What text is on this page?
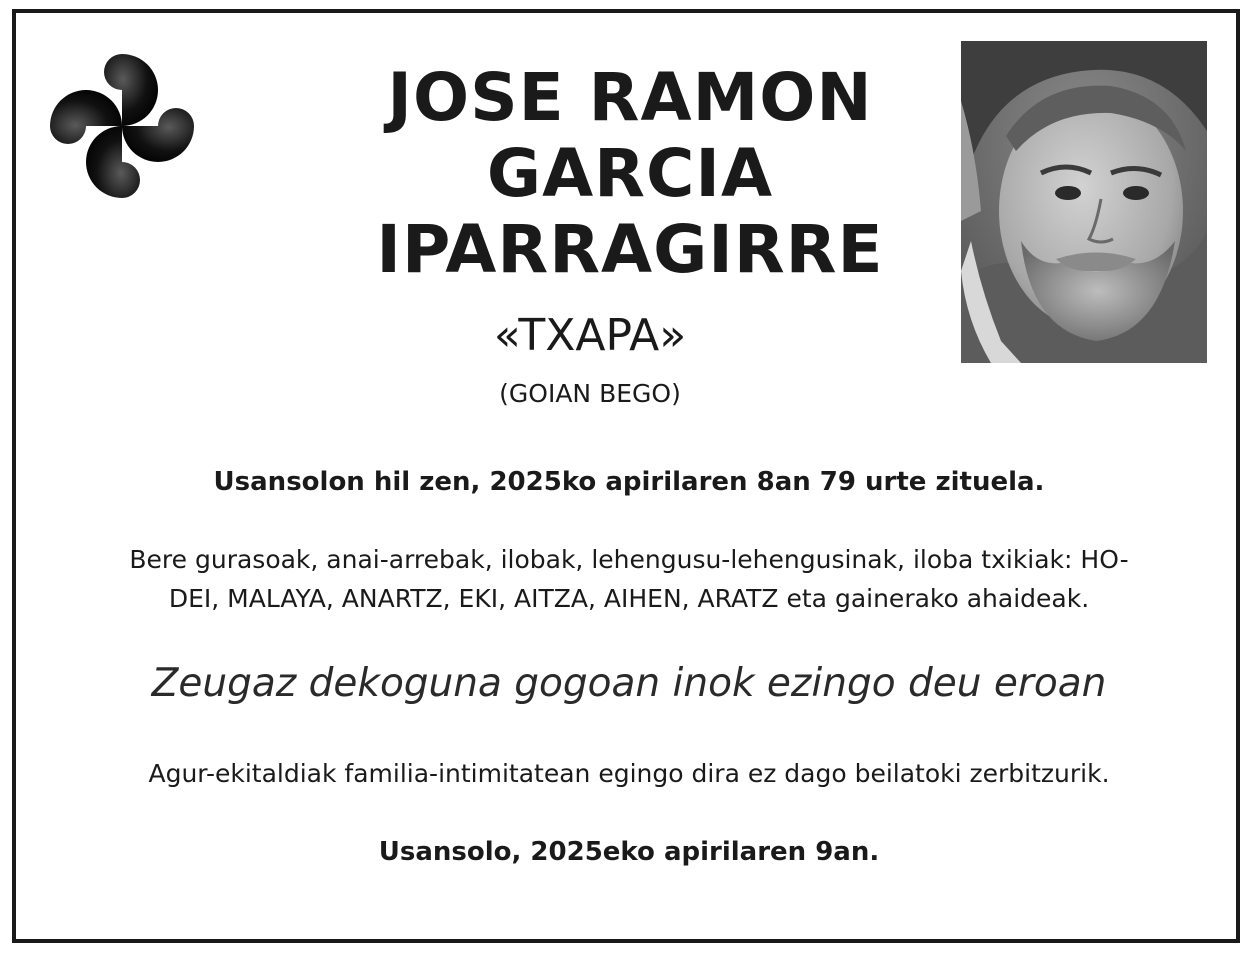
JOSE RAMON
GARCIA
IPARRAGIRRE
«TXAPA»
(GOIAN BEGO)
Usansolon hil zen, 2025ko apirilaren 8an 79 urte zituela.
Bere gurasoak, anai-arrebak, ilobak, lehengusu-lehengusinak, iloba txikiak: HO-
DEI, MALAYA, ANARTZ, EKI, AITZA, AIHEN, ARATZ eta gainerako ahaideak.
Zeugaz dekoguna gogoan inok ezingo deu eroan
Agur-ekitaldiak familia-intimitatean egingo dira ez dago beilatoki zerbitzurik.
Usansolo, 2025eko apirilaren 9an.
